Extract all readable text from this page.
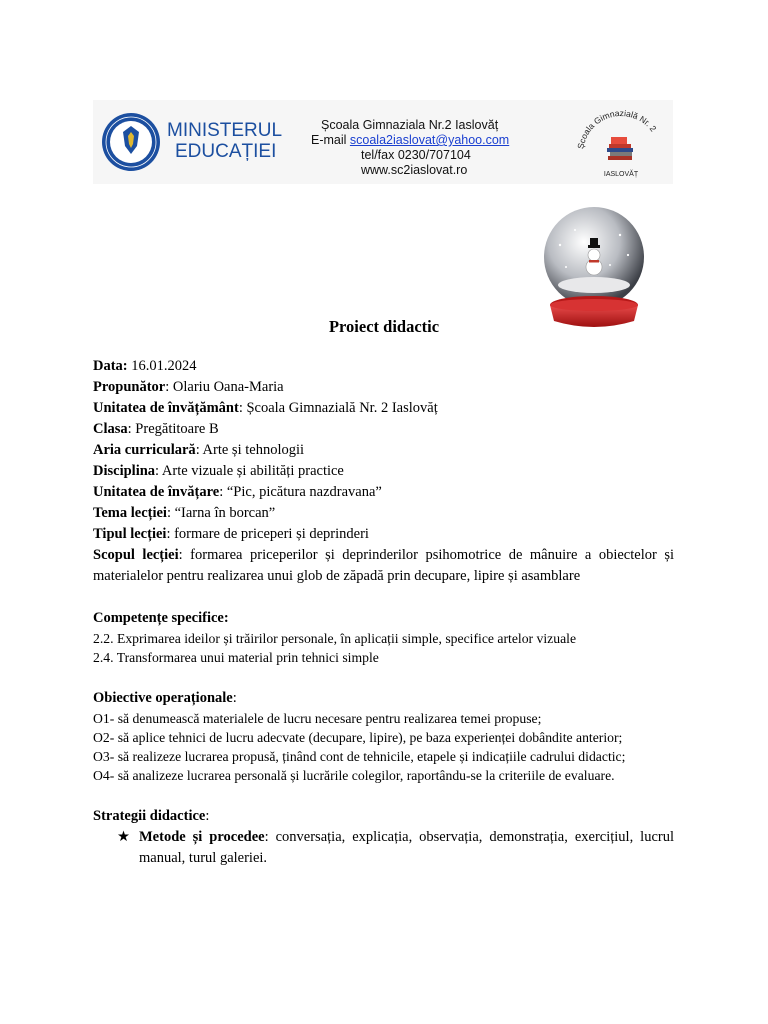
MINISTERUL
EDUCAȚIEI
Școala Gimnaziala Nr.2 Iaslovăț
E-mail scoala2iaslovat@yahoo.com
tel/fax 0230/707104
www.sc2iaslovat.ro
Școala Gimnazială Nr. 2
IASLOVĂȚ
Proiect didactic

Data: 16.01.2024

Propunător: Olariu Oana-Maria

Unitatea de învățământ: Școala Gimnazială Nr. 2 Iaslovăț

Clasa: Pregătitoare B

Aria curriculară: Arte și tehnologii

Disciplina: Arte vizuale și abilități practice

Unitatea de învățare: “Pic, picătura nazdravana”

Tema lecției: “Iarna în borcan”

Tipul lecției: formare de priceperi și deprinderi

Scopul lecției: formarea priceperilor și deprinderilor psihomotrice de mânuire a obiectelor și materialelor pentru realizarea unui glob de zăpadă prin decupare, lipire și asamblare

Competențe specifice:

2.2. Exprimarea ideilor și trăirilor personale, în aplicații simple, specifice artelor vizuale

2.4. Transformarea unui material prin tehnici simple

Obiective operaționale:

O1- să denumească materialele de lucru necesare pentru realizarea temei propuse;

O2- să aplice tehnici de lucru adecvate (decupare, lipire), pe baza experienței dobândite anterior;

O3- să realizeze lucrarea propusă, ținând cont de tehnicile, etapele și indicațiile cadrului didactic;

O4- să analizeze lucrarea personală și lucrările colegilor, raportându-se la criteriile de evaluare.

Strategii didactice:

★ Metode și procedee: conversația, explicația, observația, demonstrația, exercițiul, lucrul manual, turul galeriei.
